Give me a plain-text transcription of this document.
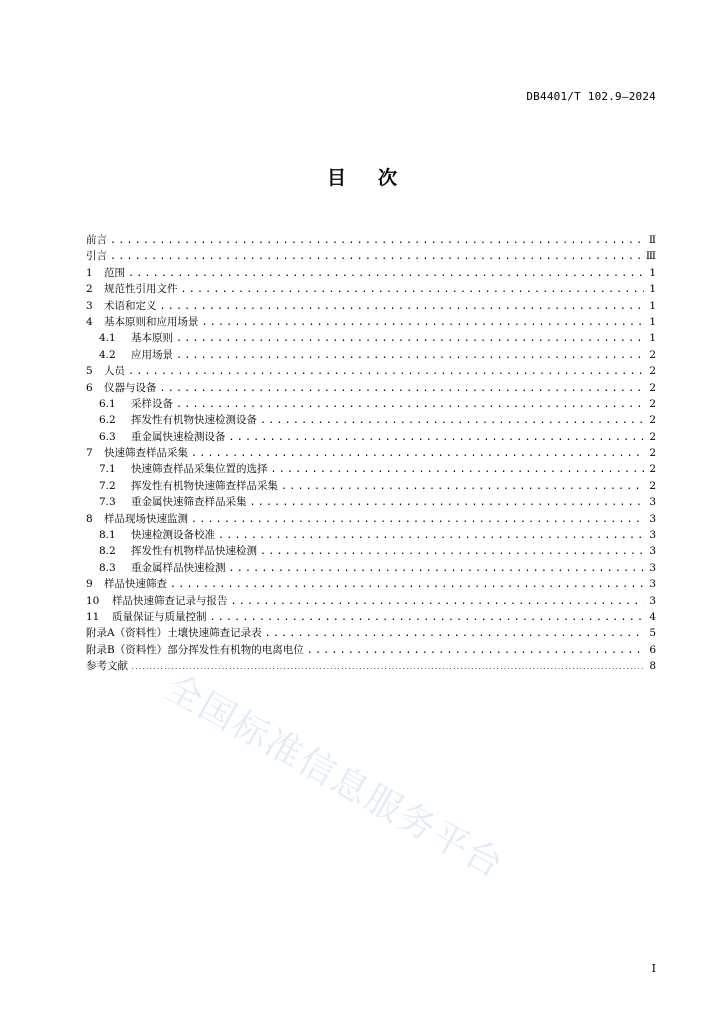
DB4401/T 102.9—2024
目 次
前言 .....	Ⅱ
引言 .....	Ⅲ
1 范围 .....	1
2 规范性引用文件 .....	1
3 术语和定义 .....	1
4 基本原则和应用场景 .....	1
4.1 基本原则 .....	1
4.2 应用场景 .....	2
5 人员 .....	2
6 仪器与设备 .....	2
6.1 采样设备 .....	2
6.2 挥发性有机物快速检测设备 .....	2
6.3 重金属快速检测设备 .....	2
7 快速筛查样品采集 .....	2
7.1 快速筛查样品采集位置的选择 .....	2
7.2 挥发性有机物快速筛查样品采集 .....	2
7.3 重金属快速筛查样品采集 .....	3
8 样品现场快速监测 .....	3
8.1 快速检测设备校准 .....	3
8.2 挥发性有机物样品快速检测 .....	3
8.3 重金属样品快速检测 .....	3
9 样品快速筛查 .....	3
10 样品快速筛查记录与报告 .....	3
11 质量保证与质量控制 .....	4
附录A（资料性）土壤快速筛查记录表 .....	5
附录B（资料性）部分挥发性有机物的电离电位 .....	6
参考文献 .....	8
全国标准信息服务平台
Ⅰ
